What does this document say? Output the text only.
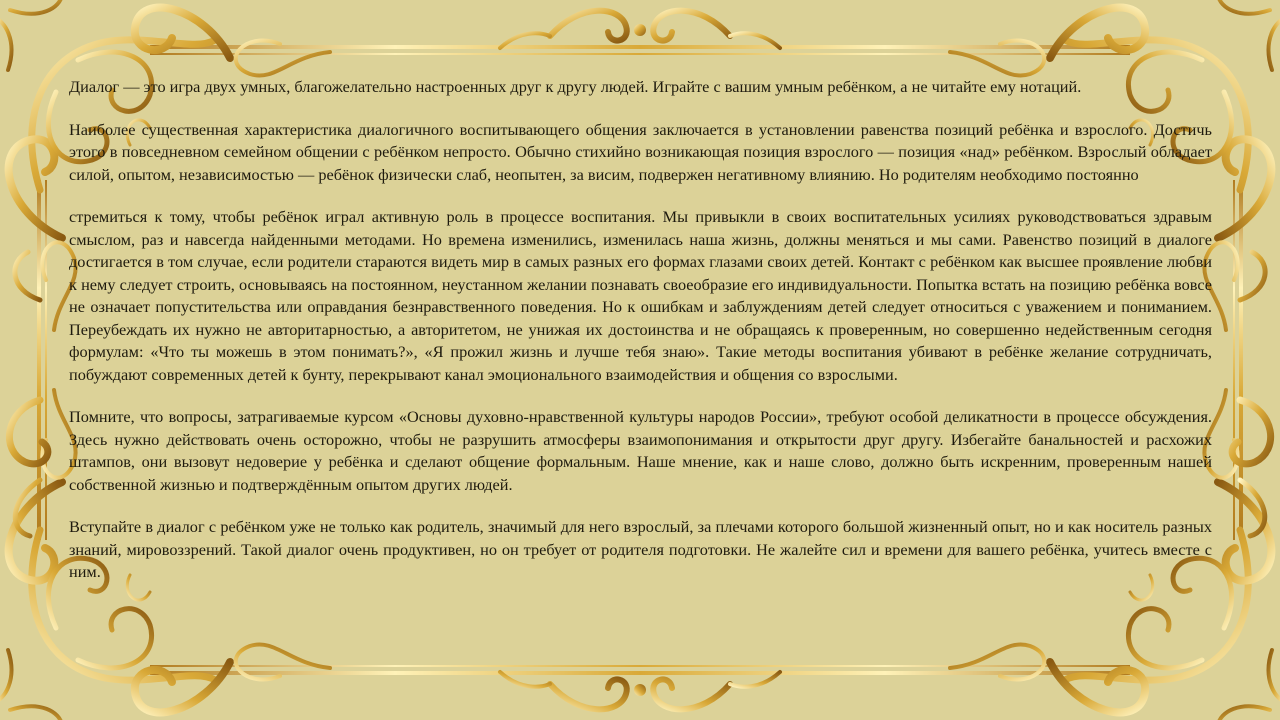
Диалог — это игра двух умных, благожелательно настроенных друг к другу людей. Играйте с вашим умным ребёнком, а не читайте ему нотаций.

Наиболее существенная характеристика диалогичного воспитывающего общения заключается в установлении равенства позиций ребёнка и взрослого. Достичь этого в повседневном семейном общении с ребёнком непросто. Обычно стихийно возникающая позиция взрослого — позиция «над» ребёнком. Взрослый обладает силой, опытом, независимостью — ребёнок физически слаб, неопытен, за висим, подвержен негативному влиянию. Но родителям необходимо постоянно

стремиться к тому, чтобы ребёнок играл активную роль в процессе воспитания. Мы привыкли в своих воспитательных усилиях руководствоваться здравым смыслом, раз и навсегда найденными методами. Но времена изменились, изменилась наша жизнь, должны меняться и мы сами. Равенство позиций в диалоге достигается в том случае, если родители стараются видеть мир в самых разных его формах глазами своих детей. Контакт с ребёнком как высшее проявление любви к нему следует строить, основываясь на постоянном, неустанном желании познавать своеобразие его индивидуальности. Попытка встать на позицию ребёнка вовсе не означает попустительства или оправдания безнравственного поведения. Но к ошибкам и заблуждениям детей следует относиться с уважением и пониманием. Переубеждать их нужно не авторитарностью, а авторитетом, не унижая их достоинства и не обращаясь к проверенным, но совершенно недейственным сегодня формулам: «Что ты можешь в этом понимать?», «Я прожил жизнь и лучше тебя знаю». Такие методы воспитания убивают в ребёнке желание сотрудничать, побуждают современных детей к бунту, перекрывают канал эмоционального взаимодействия и общения со взрослыми.

Помните, что вопросы, затрагиваемые курсом «Основы духовно-нравственной культуры народов России», требуют особой деликатности в процессе обсуждения. Здесь нужно действовать очень осторожно, чтобы не разрушить атмосферы взаимопонимания и открытости друг другу. Избегайте банальностей и расхожих штампов, они вызовут недоверие у ребёнка и сделают общение формальным. Наше мнение, как и наше слово, должно быть искренним, проверенным нашей собственной жизнью и подтверждённым опытом других людей.

Вступайте в диалог с ребёнком уже не только как родитель, значимый для него взрослый, за плечами которого большой жизненный опыт, но и как носитель разных знаний, мировоззрений. Такой диалог очень продуктивен, но он требует от родителя подготовки. Не жалейте сил и времени для вашего ребёнка, учитесь вместе с ним.
